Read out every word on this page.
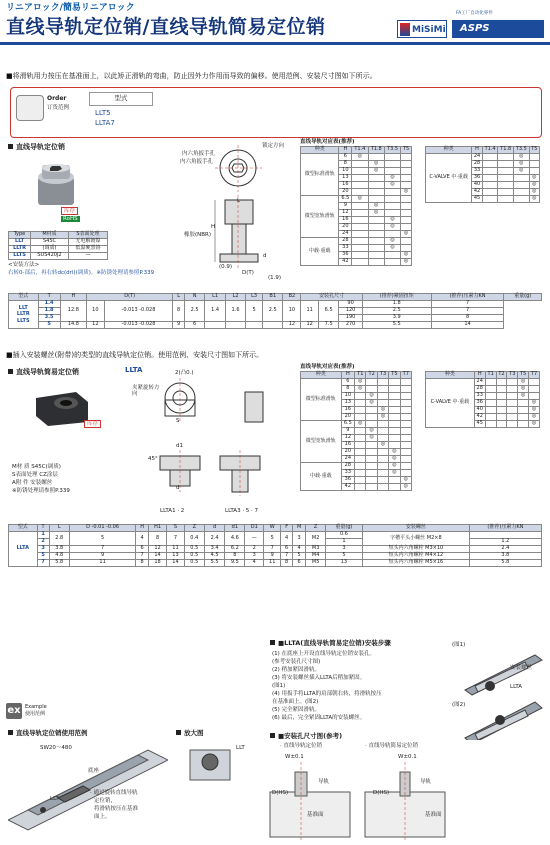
リニアロック/簡易リニアロック
直线导轨定位销/直线导轨简易定位销	MiSiMi
FA工厂自动化零件
ASPS
■将滑轨用力按压在基准面上，以此矫正滑轨的弯曲，防止因外力作用而导致的偏移。使用范例、安装尺寸图如下所示。
Order
订货范例
型式
LLT5
LLTA7
直线导轨定位销
库存
RoHS
Type	M材质	S表面处理
LLT	S45C	无电解镀镍
LLTR	(调质)	低温硬黑铬
LLTS	SUS420J2	—
<安装方法>
右转0-部后，再右转dc(dri)(调质)。※防锈处理请参照P.339
锁定方向
内六角扳手孔
内六角扳手孔
橡胶(NBR)
H
L
d
(0.9)
D(T)
(1.9)
直线导轨对应表(推荐)
种类	H	T1.4	T1.8	T3.5	T5
微型标准滑轨	6	◎			
	8		◎		
	10		◎		
	13			◎	
	16			◎	
	20				◎
微型宽轨滑轨	6.5	◎			
	9		◎		
	12		◎		
	16			◎	
	20			◎	
	24				◎
中载·重载	28			◎	
	33			◎	
	36				◎
	42				◎
种类	H	T1.4	T1.8	T3.5	T5
C-VALVE 中·重载	24			◎	
	28			◎	
	33			◎	
	36				◎
	40				◎
	42				◎
	45				◎
型式	T	H	D(T)		L	N	L1	L2	L3	B1	B2	安装孔尺寸			(推荐)紧固扭矩	(推荐)压紧力KN	重量(g)
LLT
LLTR
LLTS	1.4	12.8	10	-0.013 -0.028	8	2.5	1.4	1.6	5	2.5	10	11	6.5	90	1.8	7	
	1.8													120	2.5	7	
	3.5													190	3.9	8	
	5	14.8	12	-0.013 -0.028	9	6					12	12	7.5	270	5.5	14	
■插入安装螺丝(附带)的类型的直线导轨定位销。使用范例、安装尺寸图如下所示。
直线导轨简易定位销	LLTA
库存
M材 质 S45C(调质)
S表面处理 CZ涂层
A附 件 安装螺丝
※防锈处理请参照P.339
2(凸0.)
夹紧旋转方向
45°
d1
S
d
LLTA1 · 2	LLTA3 · 5 · 7
直线导轨对应表(推荐)
种类	H	T1	T2	T3	T5	T7
微型标准滑轨	6	◎				
	8	◎				
	10		◎			
	13		◎			
	16			◎		
	20			◎		
微型宽轨滑轨	6.5	◎				
	9		◎			
	12		◎			
	16			◎		
	20				◎	
	24				◎	
中载·重载	28				◎	
	33				◎	
	36					◎
	42					◎
种类	H	T1	T2	T3	T5	T7
C-VALVE 中·重载	24				◎	
	28				◎	
	33				◎	
	36					◎
	40					◎
	42					◎
	45					◎
型式	T	L	D -0.01 -0.06	H	H1	S	Z	d	d1	D1	W	F	M	Z	重量(g)	安装螺丝	(推荐)压紧力KN
LLTA	1	2.8	5	4	8	7	0.4	2.4	4.6	—	5	4	3	M2	0.6	字槽平头小螺丝 M2×8	
	2														1		1.2
	3	3.8	7	6	12	11	0.5	3.4	6.2	2	7	6	4	M3	3	短头内六角螺栓 M3×10	2.4
	5	4.8	9	7	14	13	0.5	4.5	8	3	9	7	5	M4	5	短头内六角螺栓 M4×12	3.8
	7	5.8	11	8	18	14	0.5	5.5	9.5	4	11	8	6	M5	13	短头内六角螺栓 M5×16	5.8
■LLTA(直线导轨简易定位销)安装步骤
(1) 在底座上开设直线导轨定位销安装孔。
(参考安装孔尺寸图)
(2) 稍加紧固滑轨。
(3) 将安装螺丝插入LLTA后稍加紧固。
(图1)
(4) 用扳手将LLTA的肩部朝右转，将滑轨按压
在基准面上。(图2)
(5) 完全紧固滑轨。
(6) 最后，完全紧固LLTA的安装螺丝。
(图1)
(图2)
安装螺丝
LLTA
ex Example
使用范例
直线导轨定位销使用范例	放大图
SW20～480
底座
LLT
· 通过旋转直线导轨
定位销，
将滑轨按压在基准
面上。
LLT
■安装孔尺寸图(参考)
· 直线导轨定位销	· 直线导轨简易定位销
W±0.1
D(HS)
导轨
基准面
W±0.1
D(HS)
导轨
基准面
